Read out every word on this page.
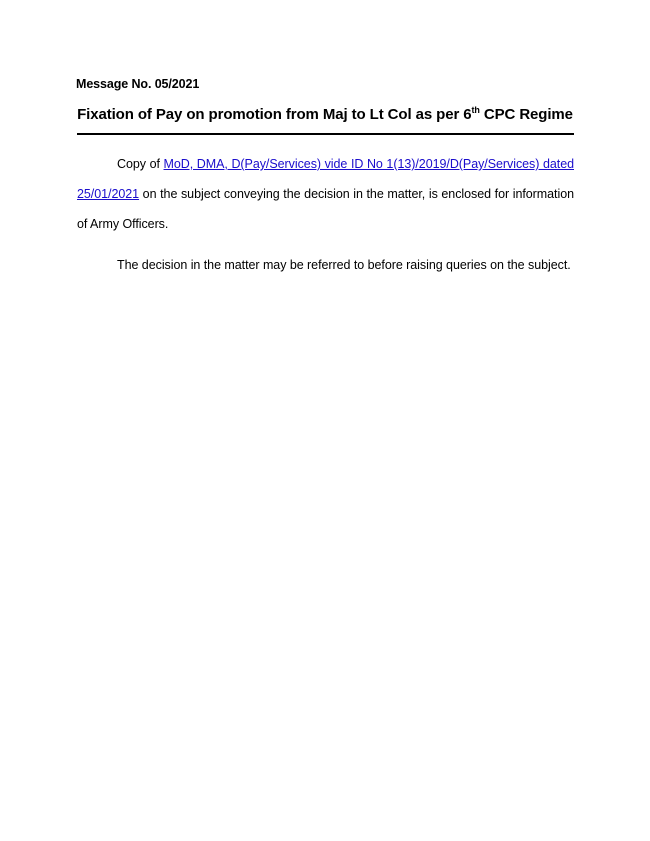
Message No. 05/2021
Fixation of Pay on promotion from Maj to Lt Col as per 6th CPC Regime
Copy of MoD, DMA, D(Pay/Services) vide ID No 1(13)/2019/D(Pay/Services) dated 25/01/2021 on the subject conveying the decision in the matter, is enclosed for information of Army Officers.
The decision in the matter may be referred to before raising queries on the subject.
